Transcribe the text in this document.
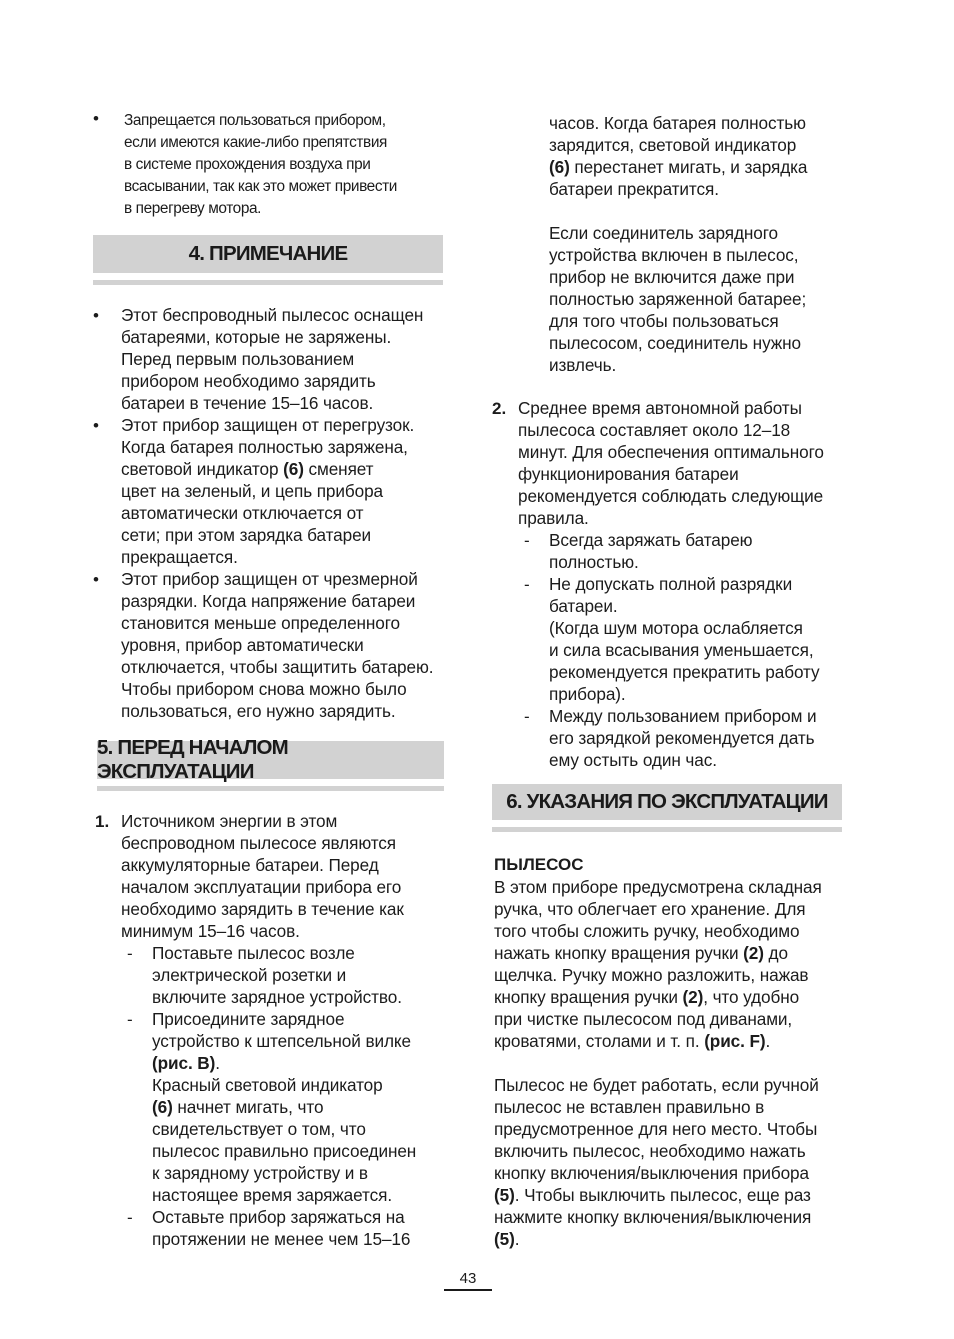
• Запрещается пользоваться прибором,
если имеются какие-либо препятствия
в системе прохождения воздуха при
всасывании, так как это может привести
в перегреву мотора.
4. ПРИМЕЧАНИЕ
• Этот беспроводный пылесос оснащен
батареями, которые не заряжены.
Перед первым пользованием
прибором необходимо зарядить
батареи в течение 15–16 часов.
• Этот прибор защищен от перегрузок.
Когда батарея полностью заряжена,
световой индикатор (6) сменяет
цвет на зеленый, и цепь прибора
автоматически отключается от
сети; при этом зарядка батареи
прекращается.
• Этот прибор защищен от чрезмерной
разрядки. Когда напряжение батареи
становится меньше определенного
уровня, прибор автоматически
отключается, чтобы защитить батарею.
Чтобы прибором снова можно было
пользоваться, его нужно зарядить.
5. ПЕРЕД НАЧАЛОМ ЭКСПЛУАТАЦИИ
1. Источником энергии в этом
беспроводном пылесосе являются
аккумуляторные батареи. Перед
началом эксплуатации прибора его
необходимо зарядить в течение как
минимум 15–16 часов.
- Поставьте пылесос возле
электрической розетки и
включите зарядное устройство.
- Присоедините зарядное
устройство к штепсельной вилке
(рис. B).
Красный световой индикатор
(6) начнет мигать, что
свидетельствует о том, что
пылесос правильно присоединен
к зарядному устройству и в
настоящее время заряжается.
- Оставьте прибор заряжаться на
протяжении не менее чем 15–16
часов. Когда батарея полностью
зарядится, световой индикатор
(6) перестанет мигать, и зарядка
батареи прекратится.
Если соединитель зарядного
устройства включен в пылесос,
прибор не включится даже при
полностью заряженной батарее;
для того чтобы пользоваться
пылесосом, соединитель нужно
извлечь.
2. Среднее время автономной работы
пылесоса составляет около 12–18
минут. Для обеспечения оптимального
функционирования батареи
рекомендуется соблюдать следующие
правила.
- Всегда заряжать батарею
полностью.
- Не допускать полной разрядки
батареи.
(Когда шум мотора ослабляется
и сила всасывания уменьшается,
рекомендуется прекратить работу
прибора).
- Между пользованием прибором и
его зарядкой рекомендуется дать
ему остыть один час.
6. УКАЗАНИЯ ПО ЭКСПЛУАТАЦИИ
ПЫЛЕСОС
В этом приборе предусмотрена складная
ручка, что облегчает его хранение. Для
того чтобы сложить ручку, необходимо
нажать кнопку вращения ручки (2) до
щелчка. Ручку можно разложить, нажав
кнопку вращения ручки (2), что удобно
при чистке пылесосом под диванами,
кроватями, столами и т. п. (рис. F).
Пылесос не будет работать, если ручной
пылесос не вставлен правильно в
предусмотренное для него место. Чтобы
включить пылесос, необходимо нажать
кнопку включения/выключения прибора
(5). Чтобы выключить пылесос, еще раз
нажмите кнопку включения/выключения
(5).
43
